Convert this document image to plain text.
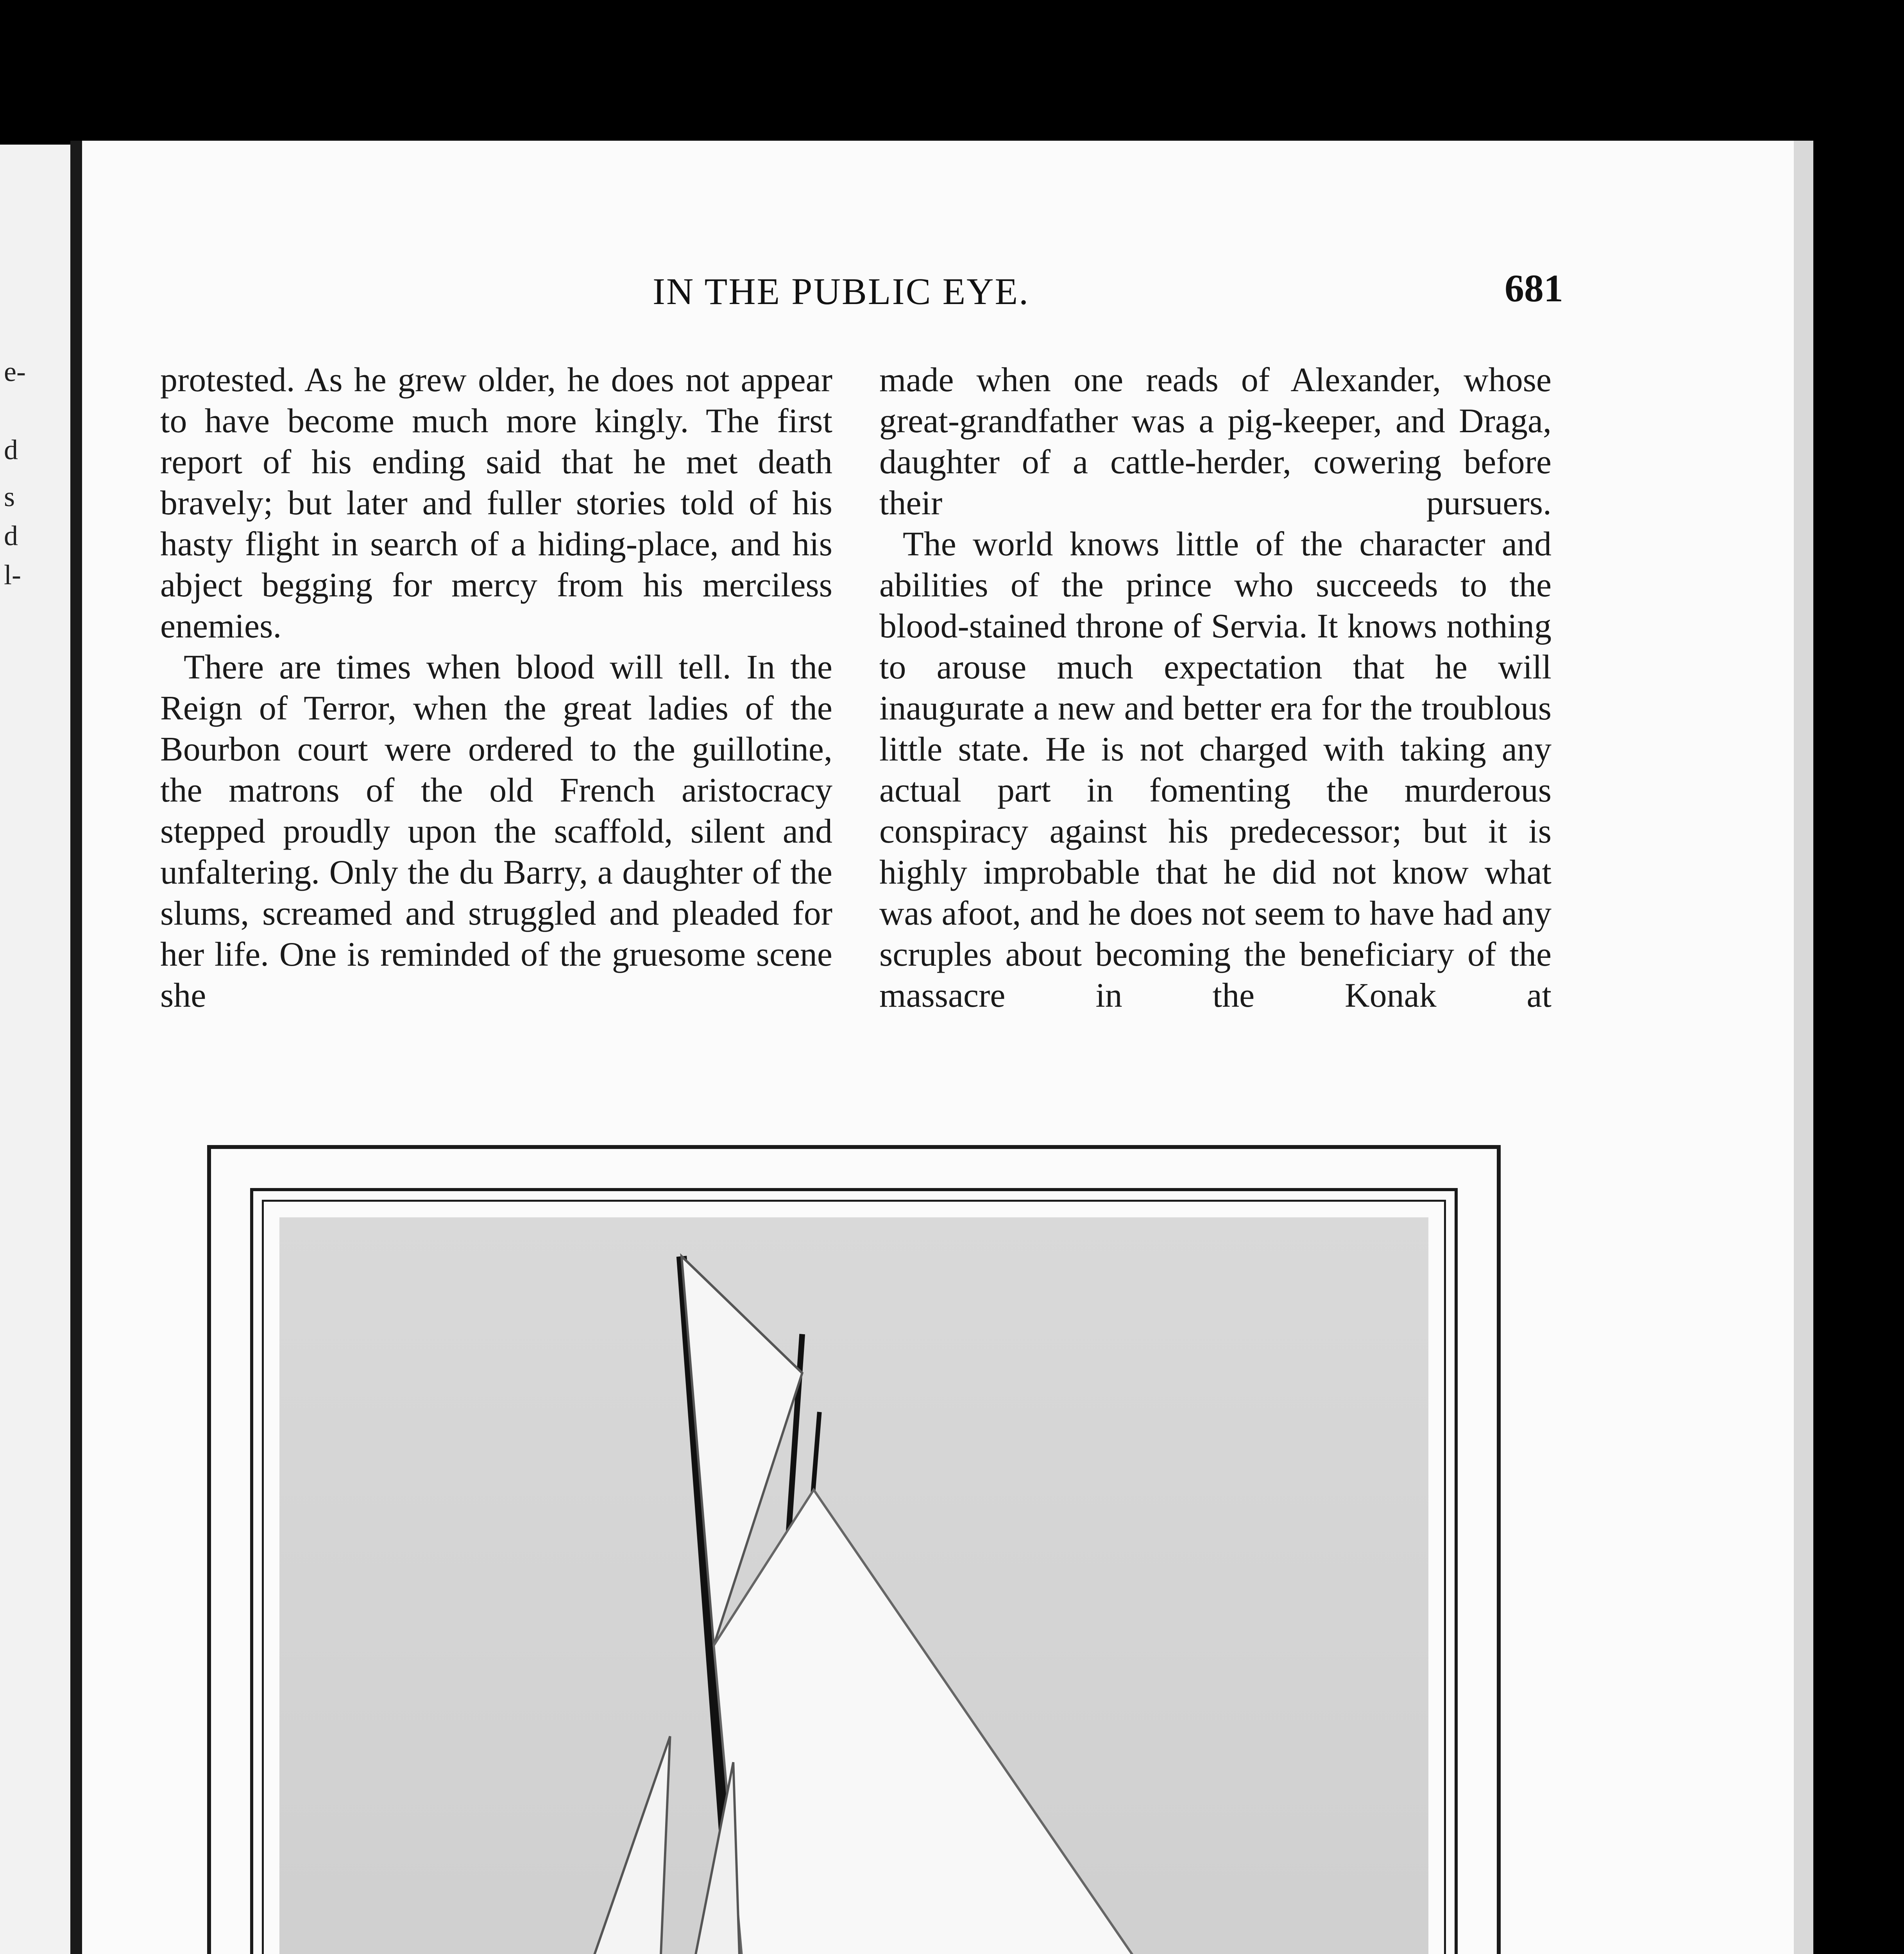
e-
d
s
d
l-
IN THE PUBLIC EYE.	681

protested. As he grew older, he does not appear to have become much more kingly. The first report of his ending said that he met death bravely; but later and fuller stories told of his hasty flight in search of a hiding-place, and his abject begging for mercy from his merciless enemies.

There are times when blood will tell. In the Reign of Terror, when the great ladies of the Bourbon court were ordered to the guillotine, the matrons of the old French aristocracy stepped proudly upon the scaffold, silent and unfaltering. Only the du Barry, a daughter of the slums, screamed and struggled and pleaded for her life. One is reminded of the gruesome scene she

made when one reads of Alexander, whose great-grandfather was a pig-keeper, and Draga, daughter of a cattle-herder, cowering before their pursuers.

The world knows little of the character and abilities of the prince who succeeds to the blood-stained throne of Servia. It knows nothing to arouse much expectation that he will inaugurate a new and better era for the troublous little state. He is not charged with taking any actual part in fomenting the murderous conspiracy against his predecessor; but it is highly improbable that he did not know what was afoot, and he does not seem to have had any scruples about becoming the beneficiary of the massacre in the Konak at
